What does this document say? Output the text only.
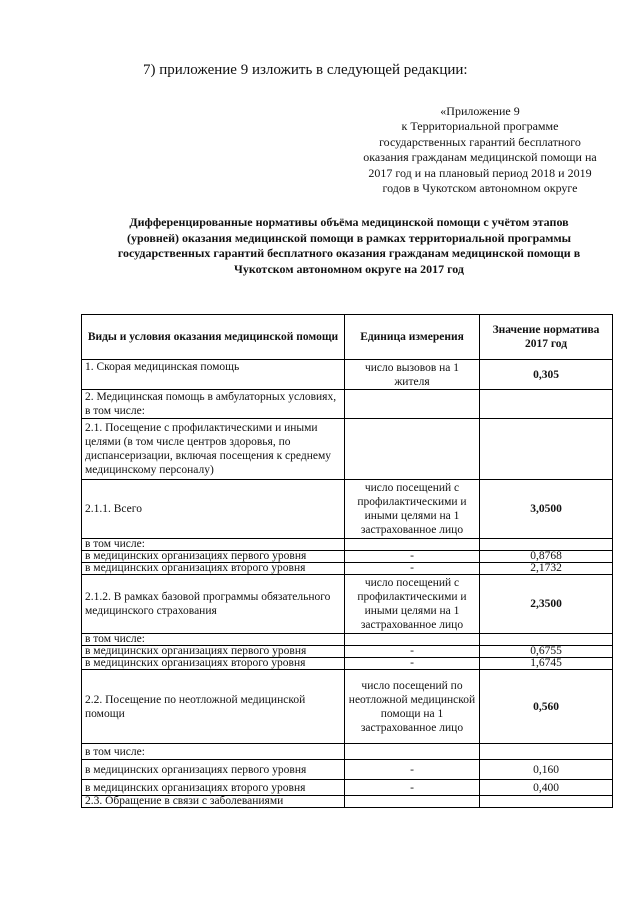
7) приложение 9 изложить в следующей редакции:
«Приложение 9
к Территориальной программе
государственных гарантий бесплатного
оказания гражданам медицинской помощи на
2017 год и на плановый период 2018 и 2019
годов в Чукотском автономном округе
Дифференцированные нормативы объёма медицинской помощи с учётом этапов
(уровней) оказания медицинской помощи в рамках территориальной программы
государственных гарантий бесплатного оказания гражданам медицинской помощи в
Чукотском автономном округе на 2017 год
Виды и условия оказания медицинской помощи	Единица измерения	Значение норматива 2017 год
1. Скорая медицинская помощь	число вызовов на 1 жителя	0,305
2. Медицинская помощь в амбулаторных условиях, в том числе:		
2.1. Посещение с профилактическими и иными целями (в том числе центров здоровья, по диспансеризации, включая посещения к среднему медицинскому персоналу)		
2.1.1. Всего	число посещений с профилактическими и иными целями на 1 застрахованное лицо	3,0500
в том числе:		
в медицинских организациях первого уровня	-	0,8768
в медицинских организациях второго уровня	-	2,1732
2.1.2. В рамках базовой программы обязательного медицинского страхования	число посещений с профилактическими и иными целями на 1 застрахованное лицо	2,3500
в том числе:		
в медицинских организациях первого уровня	-	0,6755
в медицинских организациях второго уровня	-	1,6745
2.2. Посещение по неотложной медицинской помощи	число посещений по неотложной медицинской помощи на 1 застрахованное лицо	0,560
в том числе:		
в медицинских организациях первого уровня	-	0,160
в медицинских организациях второго уровня	-	0,400
2.3. Обращение в связи с заболеваниями		
